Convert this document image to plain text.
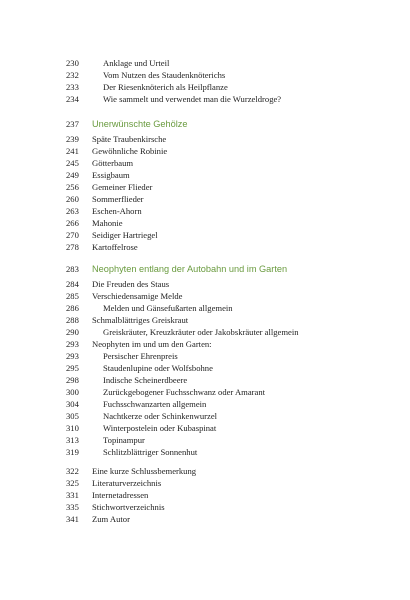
230	Anklage und Urteil
232	Vom Nutzen des Staudenknöterichs
233	Der Riesenknöterich als Heilpflanze
234	Wie sammelt und verwendet man die Wurzeldroge?
237	Unerwünschte Gehölze
239	Späte Traubenkirsche
241	Gewöhnliche Robinie
245	Götterbaum
249	Essigbaum
256	Gemeiner Flieder
260	Sommerflieder
263	Eschen-Ahorn
266	Mahonie
270	Seidiger Hartriegel
278	Kartoffelrose
283	Neophyten entlang der Autobahn und im Garten
284	Die Freuden des Staus
285	Verschiedensamige Melde
286	Melden und Gänsefußarten allgemein
288	Schmalblättriges Greiskraut
290	Greiskräuter, Kreuzkräuter oder Jakobskräuter allgemein
293	Neophyten im und um den Garten:
293	Persischer Ehrenpreis
295	Staudenlupine oder Wolfsbohne
298	Indische Scheinerdbeere
300	Zurückgebogener Fuchsschwanz oder Amarant
304	Fuchsschwanzarten allgemein
305	Nachtkerze oder Schinkenwurzel
310	Winterpostelein oder Kubaspinat
313	Topinampur
319	Schlitzblättriger Sonnenhut
322	Eine kurze Schlussbemerkung
325	Literaturverzeichnis
331	Internetadressen
335	Stichwortverzeichnis
341	Zum Autor
